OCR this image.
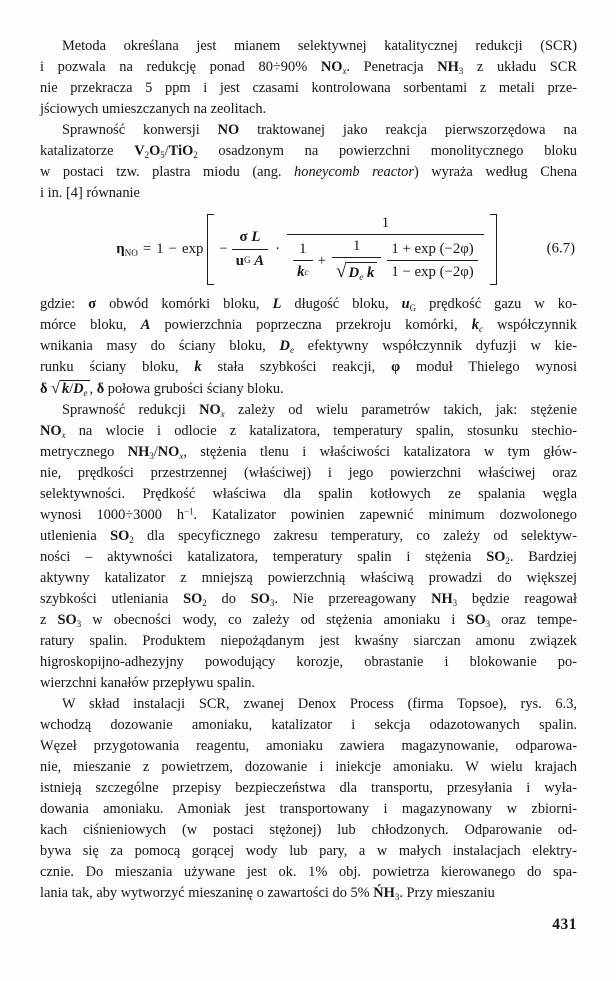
Metoda określana jest mianem selektywnej katalitycznej redukcji (SCR)
i pozwala na redukcję ponad 80÷90% $NO_x$. Penetracja $NH_3$ z układu SCR
nie przekracza 5 ppm i jest czasami kontrolowana sorbentami z metali prze-
jściowych umieszczanych na zeolitach.
Sprawność konwersji NO traktowanej jako reakcja pierwszorzędowa na
katalizatorze $V_2O_5/TiO_2$ osadzonym na powierzchni monolitycznego bloku
w postaci tzw. plastra miodu (ang. honeycomb reactor) wyraża według Chena
i in. [4] równanie
$\eta_{NO} = 1 - \exp - \sigma$
L
u G
A ·
1
$\frac{1}{\text{k c}} + \frac{1}{√ D_e k} \frac{1 + \exp (-2\varphi)}{1 - \exp (-2\varphi)}$	(6.7)
gdzie: σ obwód komórki bloku, L długość bloku, $u_G$ prędkość gazu w ko-
mórce bloku, A powierzchnia poprzeczna przekroju komórki, $k_c$ współczynnik
wnikania masy do ściany bloku, $D_e$ efektywny współczynnik dyfuzji w kie-
runku ściany bloku, k stała szybkości reakcji, φ moduł Thielego wynosi
δ √ $k/D_e$ , δ połowa grubości ściany bloku.
Sprawność redukcji $NO_x$ zależy od wielu parametrów takich, jak: stężenie
$NO_x$ na wlocie i odlocie z katalizatora, temperatury spalin, stosunku stechio-
metrycznego $NH_3/NO_x$, stężenia tlenu i właściwości katalizatora w tym głów-
nie, prędkości przestrzennej (właściwej) i jego powierzchni właściwej oraz
selektywności. Prędkość właściwa dla spalin kotłowych ze spalania węgla
wynosi 1000÷3000 $h^{-1}$. Katalizator powinien zapewnić minimum dozwolonego
utlenienia $SO_2$ dla specyficznego zakresu temperatury, co zależy od selektyw-
ności – aktywności katalizatora, temperatury spalin i stężenia $SO_2$. Bardziej
aktywny katalizator z mniejszą powierzchnią właściwą prowadzi do większej
szybkości utleniania $SO_2$ do $SO_3$. Nie przereagowany $NH_3$ będzie reagował
z $SO_3$ w obecności wody, co zależy od stężenia amoniaku i $SO_3$ oraz tempe-
ratury spalin. Produktem niepożądanym jest kwaśny siarczan amonu związek
higroskopijno-adhezyjny powodujący korozje, obrastanie i blokowanie po-
wierzchni kanałów przepływu spalin.
W skład instalacji SCR, zwanej Denox Process (firma Topsoe), rys. 6.3,
wchodzą dozowanie amoniaku, katalizator i sekcja odazotowanych spalin.
Węzeł przygotowania reagentu, amoniaku zawiera magazynowanie, odparowa-
nie, mieszanie z powietrzem, dozowanie i iniekcje amoniaku. W wielu krajach
istnieją szczególne przepisy bezpieczeństwa dla transportu, przesyłania i wyła-
dowania amoniaku. Amoniak jest transportowany i magazynowany w zbiorni-
kach ciśnieniowych (w postaci stężonej) lub chłodzonych. Odparowanie od-
bywa się za pomocą gorącej wody lub pary, a w małych instalacjach elektry-
cznie. Do mieszania używane jest ok. 1% obj. powietrza kierowanego do spa-
lania tak, aby wytworzyć mieszaninę o zawartości do 5% $ŃH_3$. Przy mieszaniu
431
